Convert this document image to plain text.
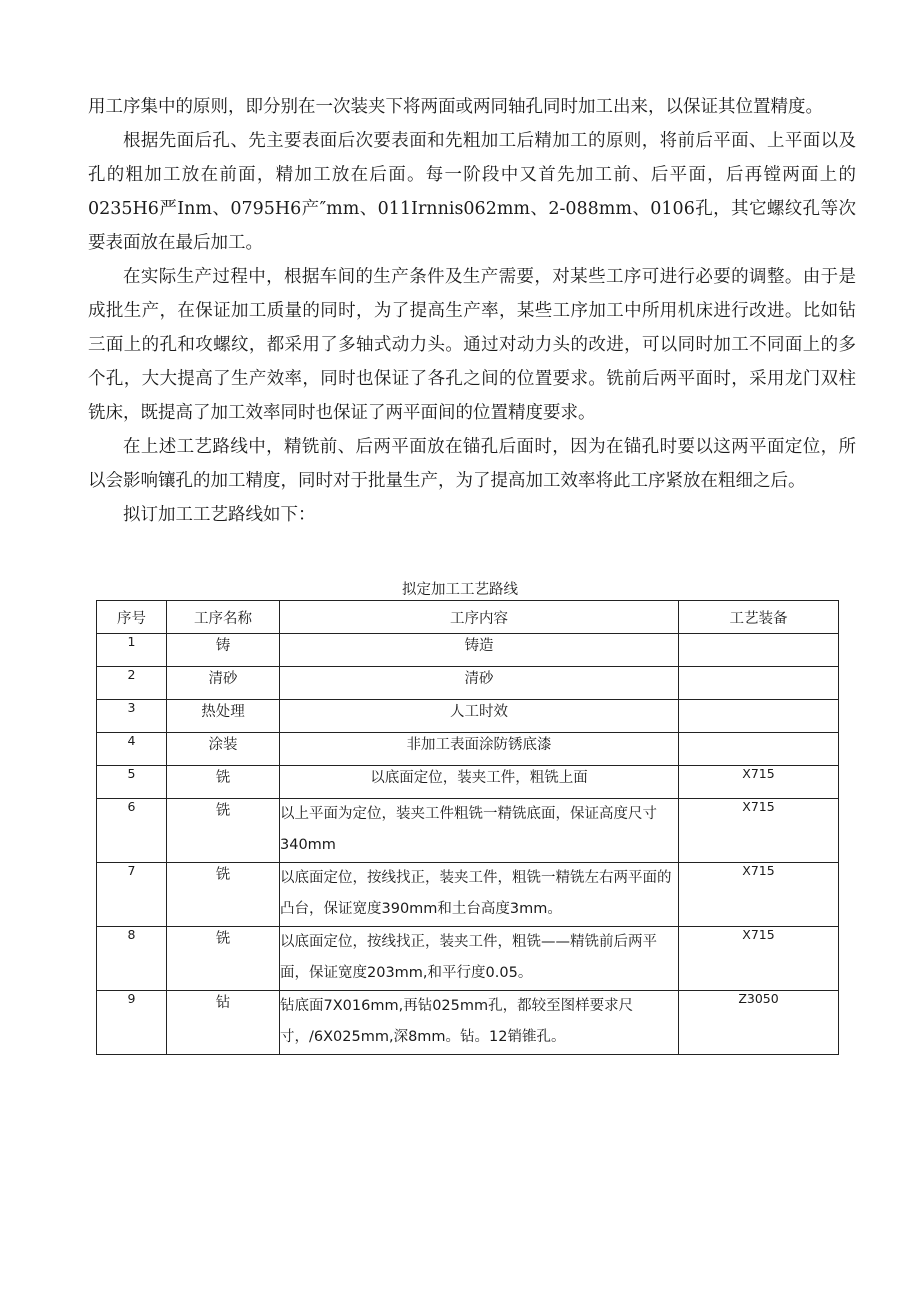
用工序集中的原则，即分别在一次装夹下将两面或两同轴孔同时加工出来，以保证其位置精度。

根据先面后孔、先主要表面后次要表面和先粗加工后精加工的原则，将前后平面、上平面以及孔的粗加工放在前面，精加工放在后面。每一阶段中又首先加工前、后平面，后再镗两面上的0235H6严Inm、0795H6产″mm、011Irnnis062mm、2-088mm、0106孔，其它螺纹孔等次要表面放在最后加工。

在实际生产过程中，根据车间的生产条件及生产需要，对某些工序可进行必要的调整。由于是成批生产，在保证加工质量的同时，为了提高生产率，某些工序加工中所用机床进行改进。比如钻三面上的孔和攻螺纹，都采用了多轴式动力头。通过对动力头的改进，可以同时加工不同面上的多个孔，大大提高了生产效率，同时也保证了各孔之间的位置要求。铣前后两平面时，采用龙门双柱铣床，既提高了加工效率同时也保证了两平面间的位置精度要求。

在上述工艺路线中，精铣前、后两平面放在锚孔后面时，因为在锚孔时要以这两平面定位，所以会影响镶孔的加工精度，同时对于批量生产，为了提高加工效率将此工序紧放在粗细之后。

拟订加工工艺路线如下：

拟定加工工艺路线
序号	工序名称	工序内容	工艺装备
1	铸	铸造	
2	清砂	清砂	
3	热处理	人工时效	
4	涂装	非加工表面涂防锈底漆	
5	铣	以底面定位，装夹工件，粗铣上面	X715
6	铣	以上平面为定位，装夹工件粗铣一精铣底面，保证高度尺寸340mm	X715
7	铣	以底面定位，按线找正，装夹工件，粗铣一精铣左右两平面的凸台，保证宽度390mm和土台高度3mm。	X715
8	铣	以底面定位，按线找正，装夹工件，粗铣——精铣前后两平面，保证宽度203mm,和平行度0.05。	X715
9	钻	钻底面7X016mm,再钻025mm孔，都较至图样要求尺寸，/6X025mm,深8mm。钻。12销锥孔。	Z3050
